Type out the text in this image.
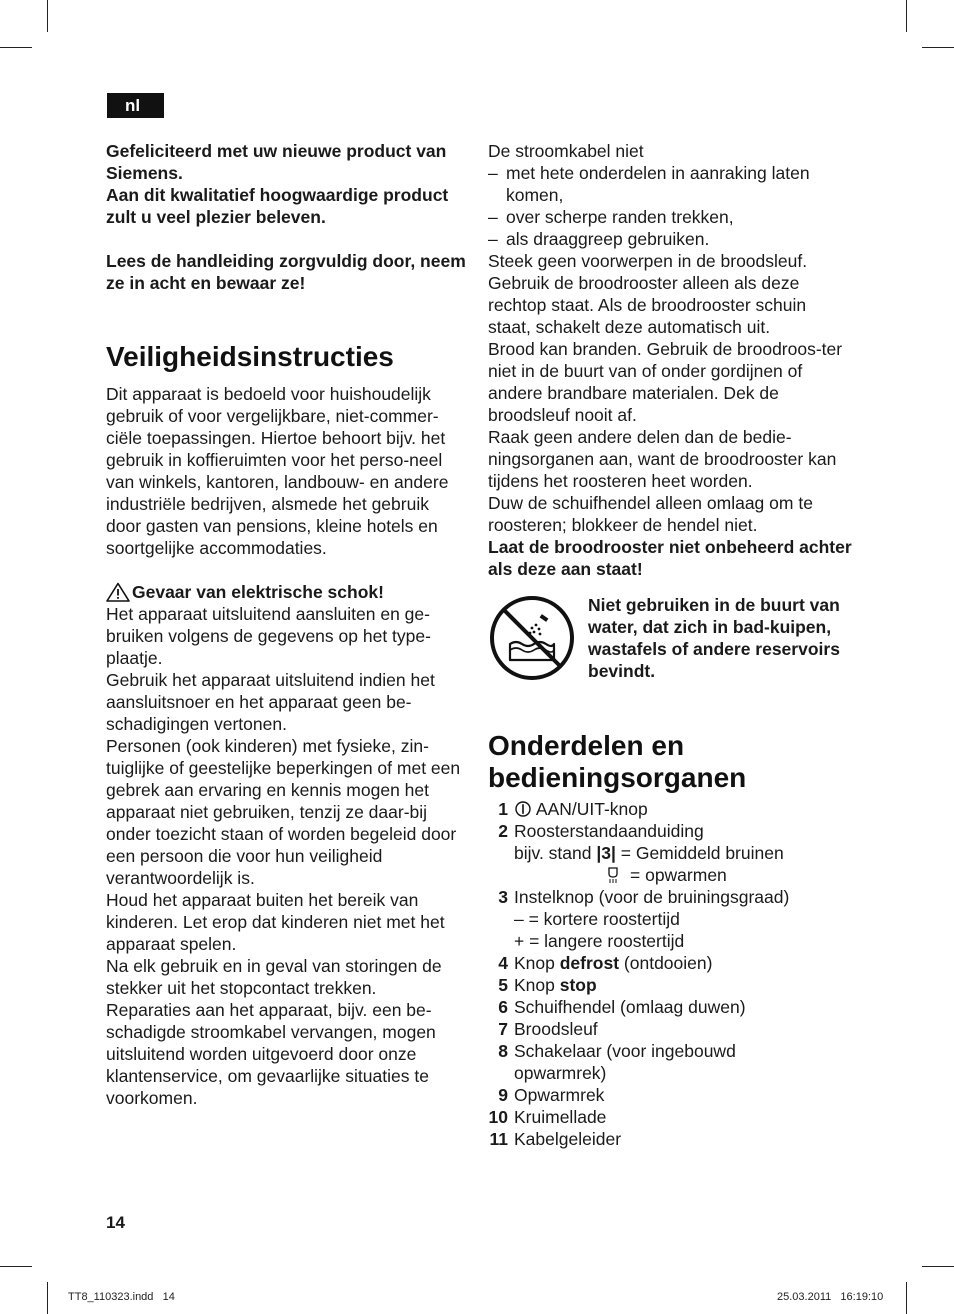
nl

Gefeliciteerd met uw nieuwe product van Siemens.

Aan dit kwalitatief hoogwaardige product zult u veel plezier beleven.

Lees de handleiding zorgvuldig door, neem ze in acht en bewaar ze!

Veiligheidsinstructies

Dit apparaat is bedoeld voor huishoudelijk gebruik of voor vergelijkbare, niet-commer-ciële toepassingen. Hiertoe behoort bijv. het gebruik in koffieruimten voor het perso-neel van winkels, kantoren, landbouw- en andere industriële bedrijven, alsmede het gebruik door gasten van pensions, kleine hotels en soortgelijke accommodaties.

Gevaar van elektrische schok!

Het apparaat uitsluitend aansluiten en ge-bruiken volgens de gegevens op het type-plaatje.

Gebruik het apparaat uitsluitend indien het aansluitsnoer en het apparaat geen be-schadigingen vertonen.

Personen (ook kinderen) met fysieke, zin-tuiglijke of geestelijke beperkingen of met een gebrek aan ervaring en kennis mogen het apparaat niet gebruiken, tenzij ze daar-bij onder toezicht staan of worden begeleid door een persoon die voor hun veiligheid verantwoordelijk is.

Houd het apparaat buiten het bereik van kinderen. Let erop dat kinderen niet met het apparaat spelen.

Na elk gebruik en in geval van storingen de stekker uit het stopcontact trekken.

Reparaties aan het apparaat, bijv. een be-schadigde stroomkabel vervangen, mogen uitsluitend worden uitgevoerd door onze klantenservice, om gevaarlijke situaties te voorkomen.

De stroomkabel niet

– met hete onderdelen in aanraking laten komen,
– over scherpe randen trekken,
– als draaggreep gebruiken.

Steek geen voorwerpen in de broodsleuf.

Gebruik de broodrooster alleen als deze rechtop staat. Als de broodrooster schuin staat, schakelt deze automatisch uit.

Brood kan branden. Gebruik de broodroos-ter niet in de buurt van of onder gordijnen of andere brandbare materialen. Dek de broodsleuf nooit af.

Raak geen andere delen dan de bedie-ningsorganen aan, want de broodrooster kan tijdens het roosteren heet worden.

Duw de schuifhendel alleen omlaag om te roosteren; blokkeer de hendel niet.

Laat de broodrooster niet onbeheerd achter als deze aan staat!

Niet gebruiken in de buurt van water, dat zich in bad-kuipen, wastafels of andere reservoirs bevindt.

Onderdelen en bedieningsorganen
1	AAN/UIT-knop
2 Roosterstandaanduiding
bijv. stand |3| = Gemiddeld bruinen
= opwarmen
3 Instelknop (voor de bruiningsgraad)
– = kortere roostertijd
+ = langere roostertijd
4 Knop defrost (ontdooien)
5 Knop stop
6 Schuifhendel (omlaag duwen)
7 Broodsleuf
8 Schakelaar (voor ingebouwd opwarmrek)
9 Opwarmrek
10 Kruimellade
11 Kabelgeleider
14
TT8_110323.indd   14	25.03.2011   16:19:10
